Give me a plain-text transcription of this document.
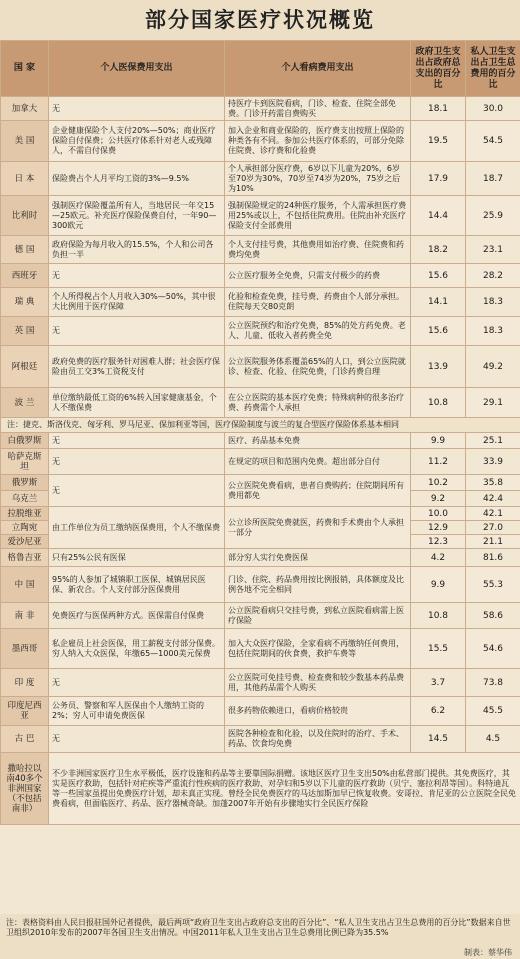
部分国家医疗状况概览
国 家	个人医保费用支出	个人看病费用支出	政府卫生支出占政府总支出的百分比	私人卫生支出占卫生总费用的百分比
加拿大	无	持医疗卡到医院看病，门诊、检查、住院全部免费。门诊开药需自费购买	18.1	30.0
美 国	企业健康保险个人支付20%—50%；商业医疗保险自付保费；公共医疗体系针对老人或残障人，不需自付保费	加入企业和商业保险的，医疗费支出按照上保险的种类各有不同。参加公共医疗体系的，可部分免除住院费、诊疗费和化验费	19.5	54.5
日 本	保险费占个人月平均工资的3%—9.5%	个人承担部分医疗费，6岁以下儿童为20%，6岁至70岁为30%，70岁至74岁为20%，75岁之后为10%	17.9	18.7
比利时	强制医疗保险覆盖所有人，当地居民一年交15—25欧元。补充医疗保险保费自付，一年90—300欧元	强制保险规定的24种医疗服务，个人需承担医疗费用25%或以上，不包括住院费用。住院由补充医疗保险支付全部费用	14.4	25.9
德 国	政府保险为每月收入的15.5%，个人和公司各负担一半	个人支付挂号费，其他费用如治疗费、住院费和药费均免费	18.2	23.1
西班牙	无	公立医疗服务全免费，只需支付极少的药费	15.6	28.2
瑞 典	个人所得税占个人月收入30%—50%，其中很大比例用于医疗保障	化验和检查免费，挂号费、药费由个人部分承担。住院每天交80克朗	14.1	18.3
英 国	无	公立医院预约和治疗免费，85%的处方药免费。老人、儿童、低收入者药费全免	15.6	18.3
阿根廷	政府免费的医疗服务针对困难人群；社会医疗保险由员工交3%工资税支付	公立医院服务体系覆盖65%的人口，到公立医院就诊、检查、化验、住院免费，门诊药费自理	13.9	49.2
波 兰	单位缴纳最低工资的6%转入国家健康基金，个人不缴保费	在公立医院的基本医疗免费；特殊病种的很多治疗费、药费需个人承担	10.8	29.1
注：捷克、斯洛伐克、匈牙利、罗马尼亚、保加利亚等国，医疗保险制度与波兰的复合型医疗保险体系基本相同				
白俄罗斯	无	医疗、药品基本免费	9.9	25.1
哈萨克斯坦	无	在规定的项目和范围内免费。超出部分自付	11.2	33.9
俄罗斯	无	公立医院免费看病，患者自费购药；住院期间所有费用都免	10.2	35.8
乌克兰			9.2	42.4
拉脱维亚	由工作单位为员工缴纳医保费用，个人不缴保费	公立诊所医院免费就医，药费和手术费由个人承担一部分	10.0	42.1
立陶宛			12.9	27.0
爱沙尼亚			12.3	21.1
格鲁吉亚	只有25%公民有医保	部分穷人实行免费医保	4.2	81.6
中 国	95%的人参加了城镇职工医保、城镇居民医保、新农合。个人支付部分医保费用	门诊、住院、药品费用按比例报销，具体额度及比例各地不完全相同	9.9	55.3
南 非	免费医疗与医保两种方式。医保需自付保费	公立医院看病只交挂号费，到私立医院看病需上医疗保险	10.8	58.6
墨西哥	私企雇员上社会医保，用工薪税支付部分保费。穷人纳入大众医保，年缴65—1000美元保费	加入大众医疗保险，全家看病不再缴纳任何费用，包括住院期间的伙食费，救护车费等	15.5	54.6
印 度	无	公立医院可免挂号费、检查费和较少数基本药品费用，其他药品需个人购买	3.7	73.8
印度尼西亚	公务员、警察和军人医保由个人缴纳工资的2%；穷人可申请免费医保	很多药物依赖进口，看病价格较贵	6.2	45.5
古 巴	无	医院各种检查和化验，以及住院时的治疗、手术、药品、饮食均免费	14.5	4.5
撒哈拉以南40多个非洲国家（不包括南非）	不少非洲国家医疗卫生水平极低，医疗设施和药品等主要靠国际捐赠。该地区医疗卫生支出50%由私营部门提供。其免费医疗，其实是医疗救助，包括针对疟疾等严重流行性疾病的医疗救助、对孕妇和5岁以下儿童的医疗救助（贝宁、塞拉利昂等国）。科特迪瓦等一些国家虽提出免费医疗计划，却未真正实现。曾经全民免费医疗的马达加斯加早已恢复收费。安哥拉、肯尼亚的公立医院全民免费看病，但面临医疗、药品、医疗器械奇缺。加蓬2007年开始有步骤地实行全民医疗保险			
注：表格资料由人民日报驻国外记者提供，最后两项“政府卫生支出占政府总支出的百分比”、“私人卫生支出占卫生总费用的百分比”数据来自世卫组织2010年发布的2007年各国卫生支出情况。中国2011年私人卫生支出占卫生总费用比例已降为35.5%
制表：蔡华伟
